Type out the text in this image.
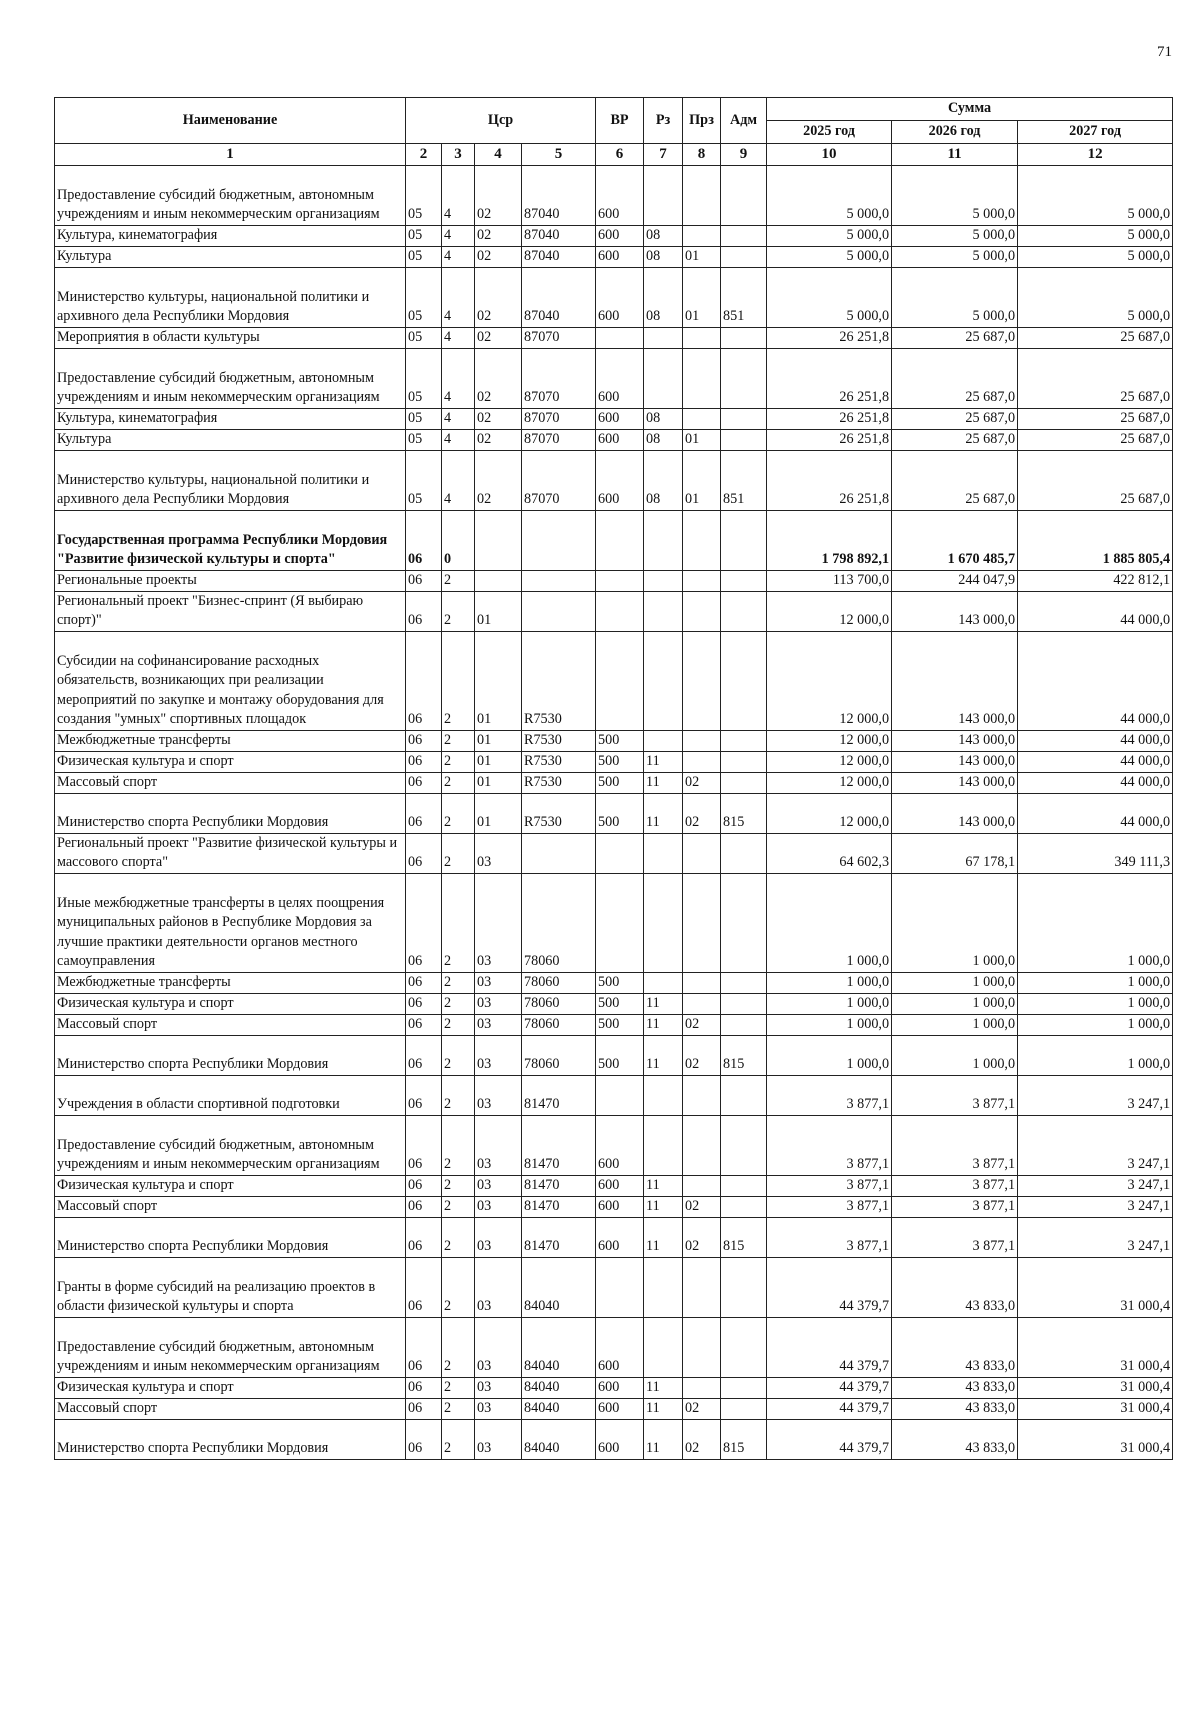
71
Наименование	Цср				ВР	Рз	Прз	Адм	Сумма		
									2025 год	2026 год	2027 год
1	2	3	4	5	6	7	8	9	10	11	12
Предоставление субсидий бюджетным, автономным учреждениям и иным некоммерческим организациям	05	4	02	87040	600				5 000,0	5 000,0	5 000,0
Культура, кинематография	05	4	02	87040	600	08			5 000,0	5 000,0	5 000,0
Культура	05	4	02	87040	600	08	01		5 000,0	5 000,0	5 000,0
Министерство культуры, национальной политики и архивного дела Республики Мордовия	05	4	02	87040	600	08	01	851	5 000,0	5 000,0	5 000,0
Мероприятия в области культуры	05	4	02	87070					26 251,8	25 687,0	25 687,0
Предоставление субсидий бюджетным, автономным учреждениям и иным некоммерческим организациям	05	4	02	87070	600				26 251,8	25 687,0	25 687,0
Культура, кинематография	05	4	02	87070	600	08			26 251,8	25 687,0	25 687,0
Культура	05	4	02	87070	600	08	01		26 251,8	25 687,0	25 687,0
Министерство культуры, национальной политики и архивного дела Республики Мордовия	05	4	02	87070	600	08	01	851	26 251,8	25 687,0	25 687,0
Государственная программа Республики Мордовия "Развитие физической культуры и спорта"	06	0							1 798 892,1	1 670 485,7	1 885 805,4
Региональные проекты	06	2							113 700,0	244 047,9	422 812,1
Региональный проект "Бизнес-спринт (Я выбираю спорт)"	06	2	01						12 000,0	143 000,0	44 000,0
Субсидии на софинансирование расходных обязательств, возникающих при реализации мероприятий по закупке и монтажу оборудования для создания "умных" спортивных площадок	06	2	01	R7530					12 000,0	143 000,0	44 000,0
Межбюджетные трансферты	06	2	01	R7530	500				12 000,0	143 000,0	44 000,0
Физическая культура и спорт	06	2	01	R7530	500	11			12 000,0	143 000,0	44 000,0
Массовый спорт	06	2	01	R7530	500	11	02		12 000,0	143 000,0	44 000,0
Министерство спорта Республики Мордовия	06	2	01	R7530	500	11	02	815	12 000,0	143 000,0	44 000,0
Региональный проект "Развитие физической культуры и массового спорта"	06	2	03						64 602,3	67 178,1	349 111,3
Иные межбюджетные трансферты в целях поощрения муниципальных районов в Республике Мордовия за лучшие практики деятельности органов местного самоуправления	06	2	03	78060					1 000,0	1 000,0	1 000,0
Межбюджетные трансферты	06	2	03	78060	500				1 000,0	1 000,0	1 000,0
Физическая культура и спорт	06	2	03	78060	500	11			1 000,0	1 000,0	1 000,0
Массовый спорт	06	2	03	78060	500	11	02		1 000,0	1 000,0	1 000,0
Министерство спорта Республики Мордовия	06	2	03	78060	500	11	02	815	1 000,0	1 000,0	1 000,0
Учреждения в области спортивной подготовки	06	2	03	81470					3 877,1	3 877,1	3 247,1
Предоставление субсидий бюджетным, автономным учреждениям и иным некоммерческим организациям	06	2	03	81470	600				3 877,1	3 877,1	3 247,1
Физическая культура и спорт	06	2	03	81470	600	11			3 877,1	3 877,1	3 247,1
Массовый спорт	06	2	03	81470	600	11	02		3 877,1	3 877,1	3 247,1
Министерство спорта Республики Мордовия	06	2	03	81470	600	11	02	815	3 877,1	3 877,1	3 247,1
Гранты в форме субсидий на реализацию проектов в области физической культуры и спорта	06	2	03	84040					44 379,7	43 833,0	31 000,4
Предоставление субсидий бюджетным, автономным учреждениям и иным некоммерческим организациям	06	2	03	84040	600				44 379,7	43 833,0	31 000,4
Физическая культура и спорт	06	2	03	84040	600	11			44 379,7	43 833,0	31 000,4
Массовый спорт	06	2	03	84040	600	11	02		44 379,7	43 833,0	31 000,4
Министерство спорта Республики Мордовия	06	2	03	84040	600	11	02	815	44 379,7	43 833,0	31 000,4
